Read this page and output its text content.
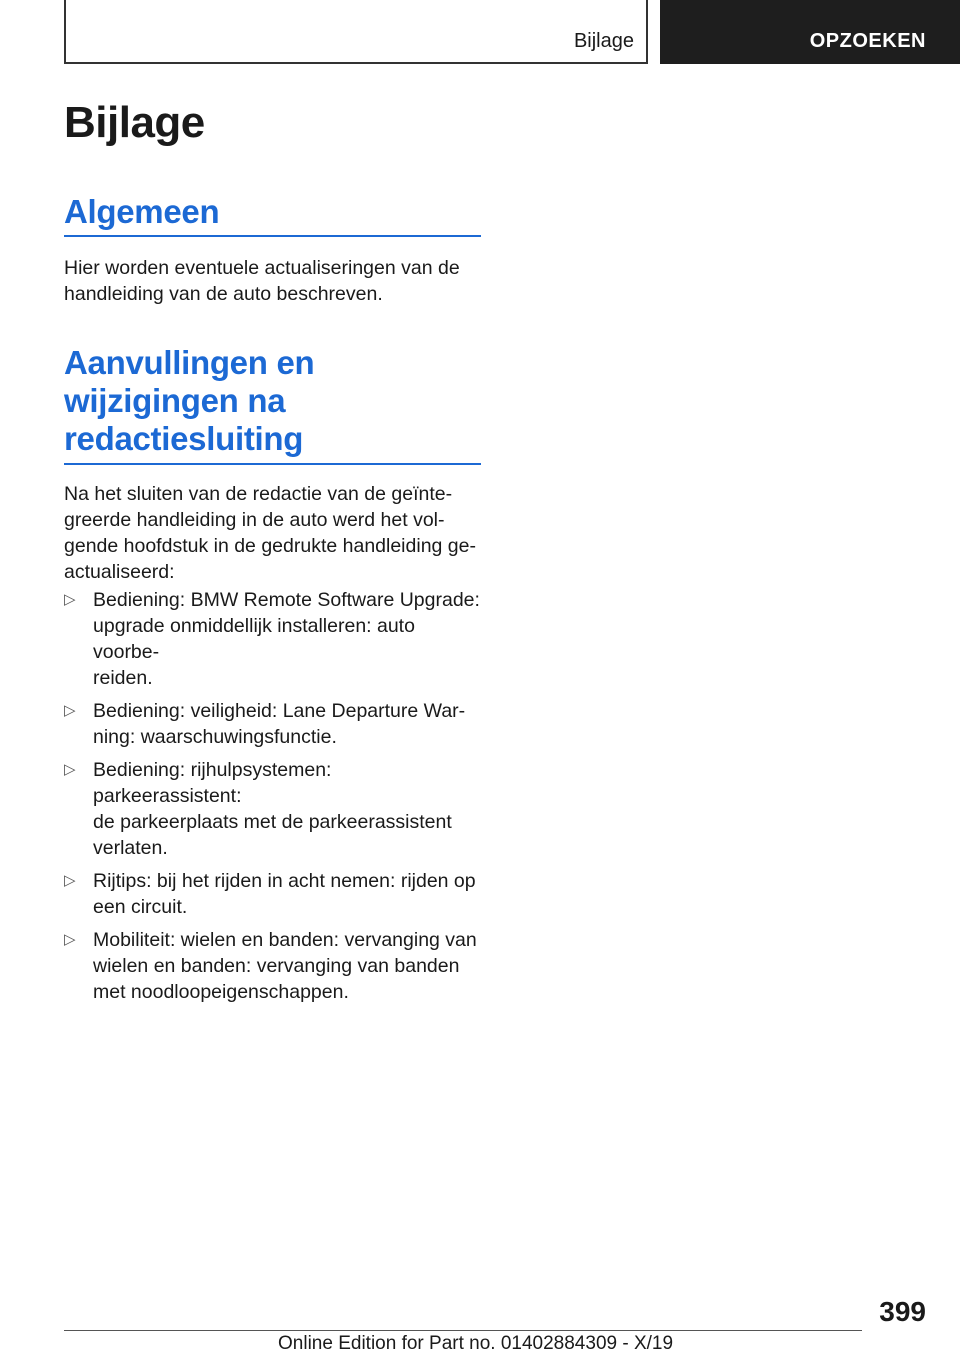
Bijlage	OPZOEKEN
Bijlage
Algemeen

Hier worden eventuele actualiseringen van de handleiding van de auto beschreven.

Aanvullingen en
wijzigingen na
redactiesluiting

Na het sluiten van de redactie van de geïnte-
greerde handleiding in de auto werd het vol-
gende hoofdstuk in de gedrukte handleiding ge-
actualiseerd:

▷ Bediening: BMW Remote Software Upgrade:
upgrade onmiddellijk installeren: auto voorbe-
reiden.

▷ Bediening: veiligheid: Lane Departure War-
ning: waarschuwingsfunctie.

▷ Bediening: rijhulpsystemen: parkeerassistent:
de parkeerplaats met de parkeerassistent
verlaten.

▷ Rijtips: bij het rijden in acht nemen: rijden op
een circuit.

▷ Mobiliteit: wielen en banden: vervanging van
wielen en banden: vervanging van banden
met noodloopeigenschappen.

399
Online Edition for Part no. 01402884309 - X/19
